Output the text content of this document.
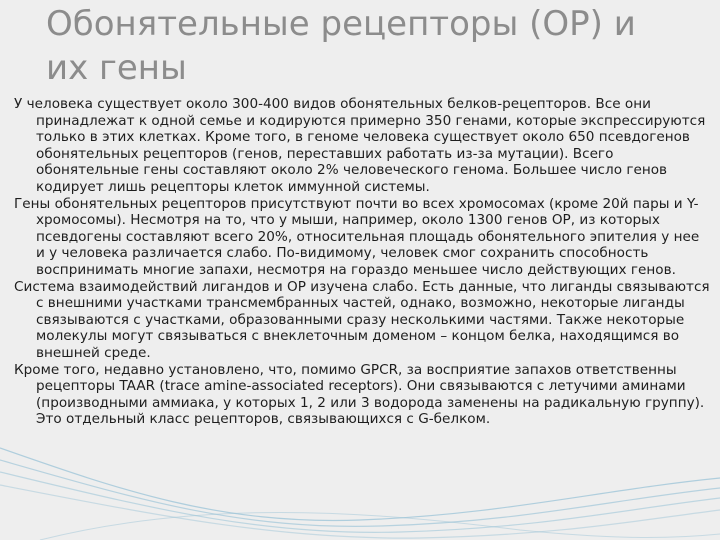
Обонятельные рецепторы (ОР) и
их гены

У человека существует около 300-400 видов обонятельных белков-рецепторов. Все они принадлежат к одной семье и кодируются примерно 350 генами, которые экспрессируются только в этих клетках. Кроме того, в геноме человека существует около 650 псевдогенов обонятельных рецепторов (генов, переставших работать из-за мутации). Всего обонятельные гены составляют около 2% человеческого генома. Большее число генов кодирует лишь рецепторы клеток иммунной системы.

Гены обонятельных рецепторов присутствуют почти во всех хромосомах (кроме 20й пары и Y-хромосомы). Несмотря на то, что у мыши, например, около 1300 генов ОР, из которых псевдогены составляют всего 20%, относительная площадь обонятельного эпителия у нее и у человека различается слабо. По-видимому, человек смог сохранить способность воспринимать многие запахи, несмотря на гораздо меньшее число действующих генов.

Система взаимодействий лигандов и ОР изучена слабо. Есть данные, что лиганды связываются с внешними участками трансмембранных частей, однако, возможно, некоторые лиганды связываются с участками, образованными сразу несколькими частями. Также некоторые молекулы могут связываться с внеклеточным доменом – концом белка, находящимся во внешней среде.

Кроме того, недавно установлено, что, помимо GPCR, за восприятие запахов ответственны рецепторы TAAR (trace amine-associated receptors). Они связываются с летучими аминами (производными аммиака, у которых 1, 2 или 3 водорода заменены на радикальную группу). Это отдельный класс рецепторов, связывающихся с G-белком.
